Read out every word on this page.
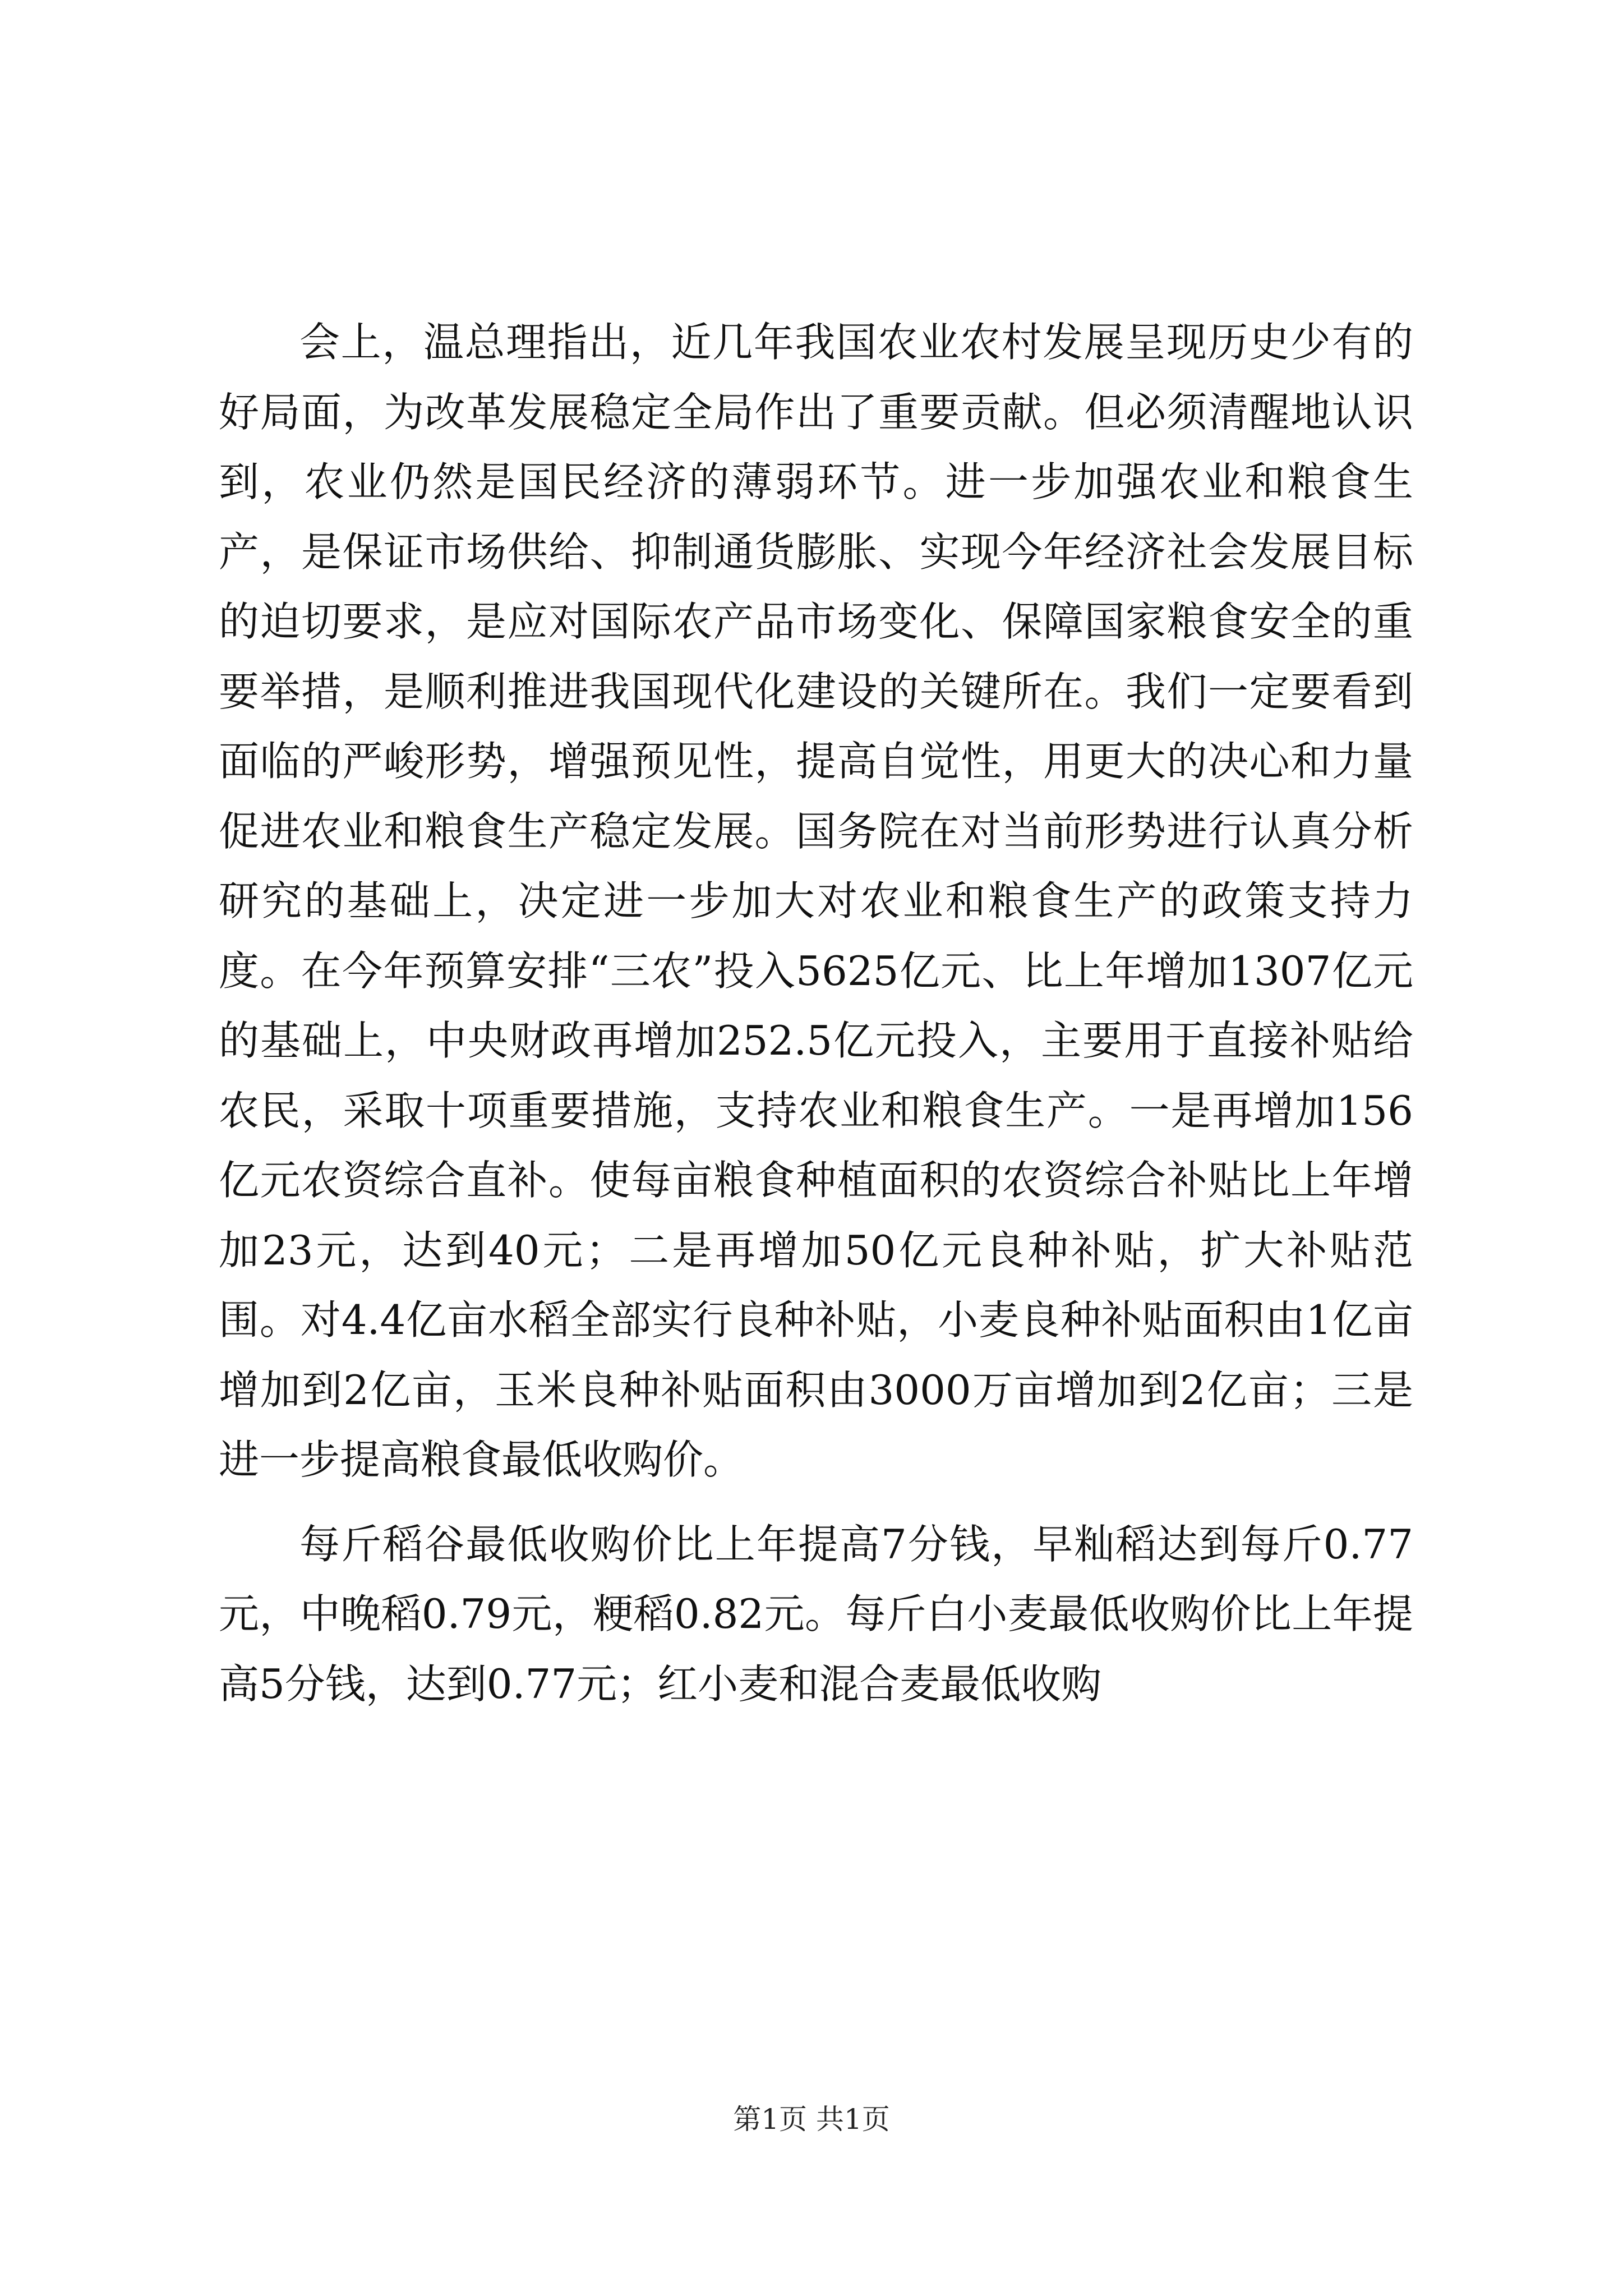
会上，温总理指出，近几年我国农业农村发展呈现历史少有的好局面，为改革发展稳定全局作出了重要贡献。但必须清醒地认识到，农业仍然是国民经济的薄弱环节。进一步加强农业和粮食生产，是保证市场供给、抑制通货膨胀、实现今年经济社会发展目标的迫切要求，是应对国际农产品市场变化、保障国家粮食安全的重要举措，是顺利推进我国现代化建设的关键所在。我们一定要看到面临的严峻形势，增强预见性，提高自觉性，用更大的决心和力量促进农业和粮食生产稳定发展。国务院在对当前形势进行认真分析研究的基础上，决定进一步加大对农业和粮食生产的政策支持力度。在今年预算安排“三农”投入5625亿元、比上年增加1307亿元的基础上，中央财政再增加252.5亿元投入，主要用于直接补贴给农民，采取十项重要措施，支持农业和粮食生产。一是再增加156亿元农资综合直补。使每亩粮食种植面积的农资综合补贴比上年增加23元，达到40元；二是再增加50亿元良种补贴，扩大补贴范围。对4.4亿亩水稻全部实行良种补贴，小麦良种补贴面积由1亿亩增加到2亿亩，玉米良种补贴面积由3000万亩增加到2亿亩；三是进一步提高粮食最低收购价。

每斤稻谷最低收购价比上年提高7分钱，早籼稻达到每斤0.77元，中晚稻0.79元，粳稻0.82元。每斤白小麦最低收购价比上年提高5分钱，达到0.77元；红小麦和混合麦最低收购

第1页 共1页
